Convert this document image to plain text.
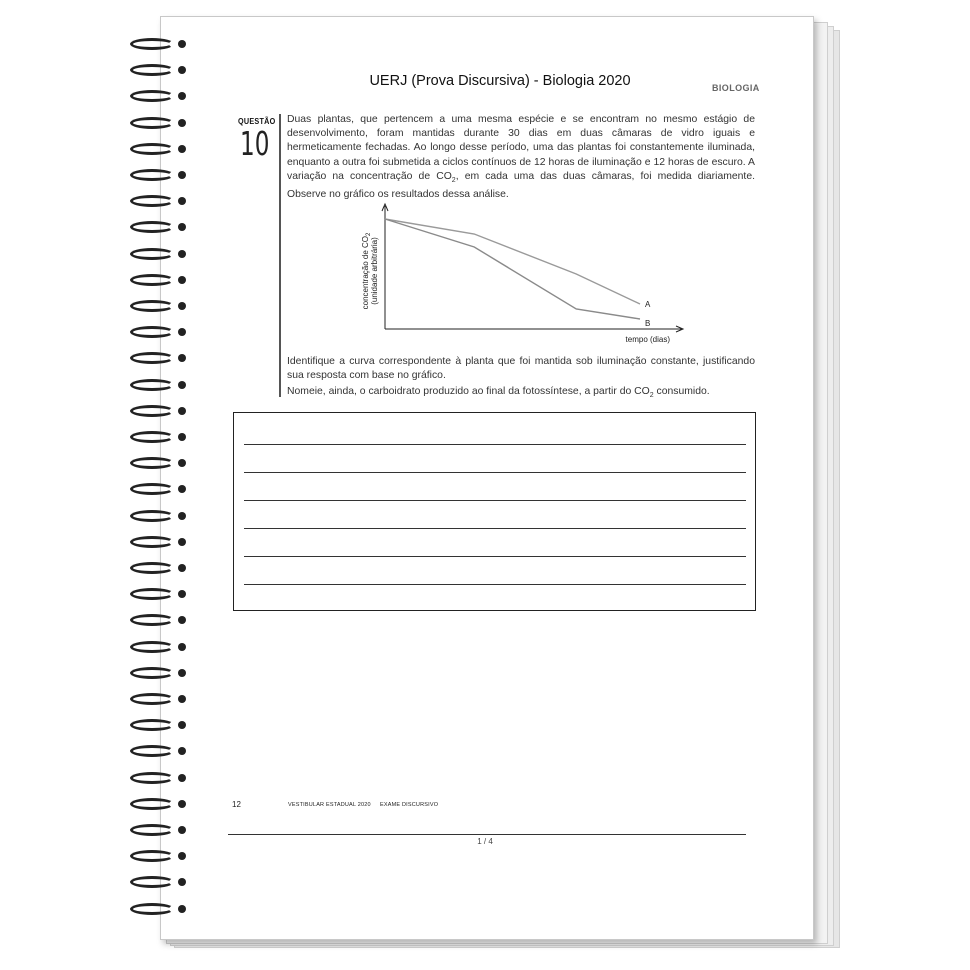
UERJ (Prova Discursiva) - Biologia 2020	BIOLOGIA
QUESTÃO
10
Duas plantas, que pertencem a uma mesma espécie e se encontram no mesmo estágio de desenvolvimento, foram mantidas durante 30 dias em duas câmaras de vidro iguais e hermeticamente fechadas. Ao longo desse período, uma das plantas foi constantemente iluminada, enquanto a outra foi submetida a ciclos contínuos de 12 horas de iluminação e 12 horas de escuro. A variação na concentração de $CO_2$, em cada uma das duas câmaras, foi medida diariamente. Observe no gráfico os resultados dessa análise.
A
B
tempo (dias)
concentração de $CO_2$
(unidade arbitrária)
Identifique a curva correspondente à planta que foi mantida sob iluminação constante, justificando sua resposta com base no gráfico.
Nomeie, ainda, o carboidrato produzido ao final da fotossíntese, a partir do $CO_2$ consumido.
12	VESTIBULAR ESTADUAL 2020 EXAME DISCURSIVO
1 / 4
